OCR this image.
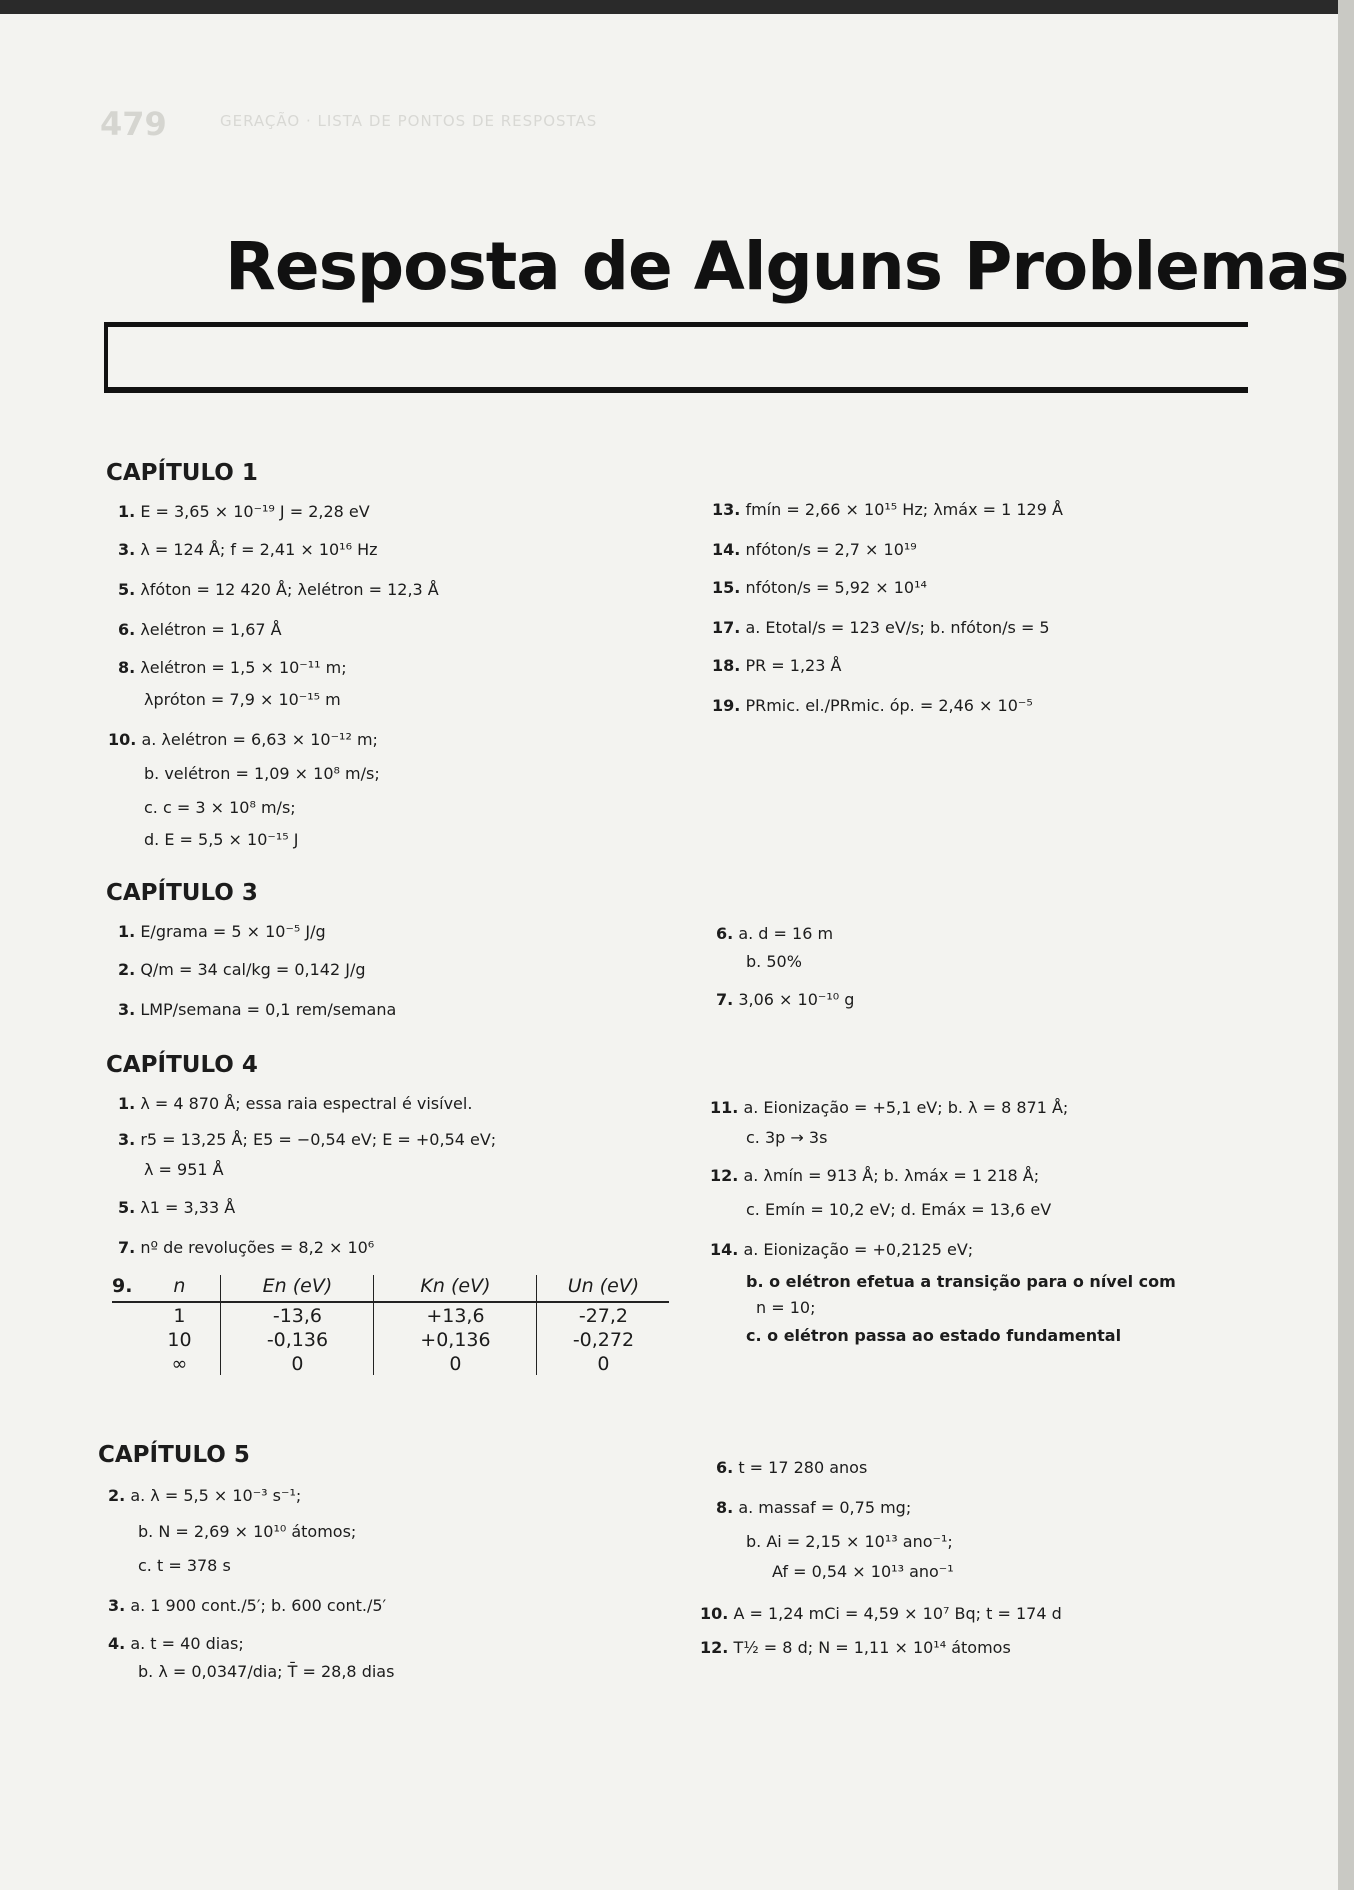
479	GERAÇÃO · LISTA DE PONTOS DE RESPOSTAS
Resposta de Alguns Problemas
CAPÍTULO 1
1. E = 3,65 × 10⁻¹⁹ J = 2,28 eV
3. λ = 124 Å; f = 2,41 × 10¹⁶ Hz
5. λfóton = 12 420 Å; λelétron = 12,3 Å
6. λelétron = 1,67 Å
8. λelétron = 1,5 × 10⁻¹¹ m;
λpróton = 7,9 × 10⁻¹⁵ m
10. a. λelétron = 6,63 × 10⁻¹² m;
b. velétron = 1,09 × 10⁸ m/s;
c. c = 3 × 10⁸ m/s;
d. E = 5,5 × 10⁻¹⁵ J
CAPÍTULO 3
1. E/grama = 5 × 10⁻⁵ J/g
2. Q/m = 34 cal/kg = 0,142 J/g
3. LMP/semana = 0,1 rem/semana
CAPÍTULO 4
1. λ = 4 870 Å; essa raia espectral é visível.
3. r5 = 13,25 Å; E5 = −0,54 eV; E = +0,54 eV;
λ = 951 Å
5. λ1 = 3,33 Å
7. nº de revoluções = 8,2 × 10⁶
9.	n	En (eV)	Kn (eV)	Un (eV)
	1	-13,6	+13,6	-27,2
	10	-0,136	+0,136	-0,272
	∞	0	0	0
CAPÍTULO 5
2. a. λ = 5,5 × 10⁻³ s⁻¹;
b. N = 2,69 × 10¹⁰ átomos;
c. t = 378 s
3. a. 1 900 cont./5′; b. 600 cont./5′
4. a. t = 40 dias;
b. λ = 0,0347/dia; T̄ = 28,8 dias
13. fmín = 2,66 × 10¹⁵ Hz; λmáx = 1 129 Å
14. nfóton/s = 2,7 × 10¹⁹
15. nfóton/s = 5,92 × 10¹⁴
17. a. Etotal/s = 123 eV/s; b. nfóton/s = 5
18. PR = 1,23 Å
19. PRmic. el./PRmic. óp. = 2,46 × 10⁻⁵
6. a. d = 16 m
b. 50%
7. 3,06 × 10⁻¹⁰ g
11. a. Eionização = +5,1 eV; b. λ = 8 871 Å;
c. 3p → 3s
12. a. λmín = 913 Å; b. λmáx = 1 218 Å;
c. Emín = 10,2 eV; d. Emáx = 13,6 eV
14. a. Eionização = +0,2125 eV;
b. o elétron efetua a transição para o nível com
n = 10;
c. o elétron passa ao estado fundamental
6. t = 17 280 anos
8. a. massaf = 0,75 mg;
b. Ai = 2,15 × 10¹³ ano⁻¹;
Af = 0,54 × 10¹³ ano⁻¹
10. A = 1,24 mCi = 4,59 × 10⁷ Bq; t = 174 d
12. T½ = 8 d; N = 1,11 × 10¹⁴ átomos
